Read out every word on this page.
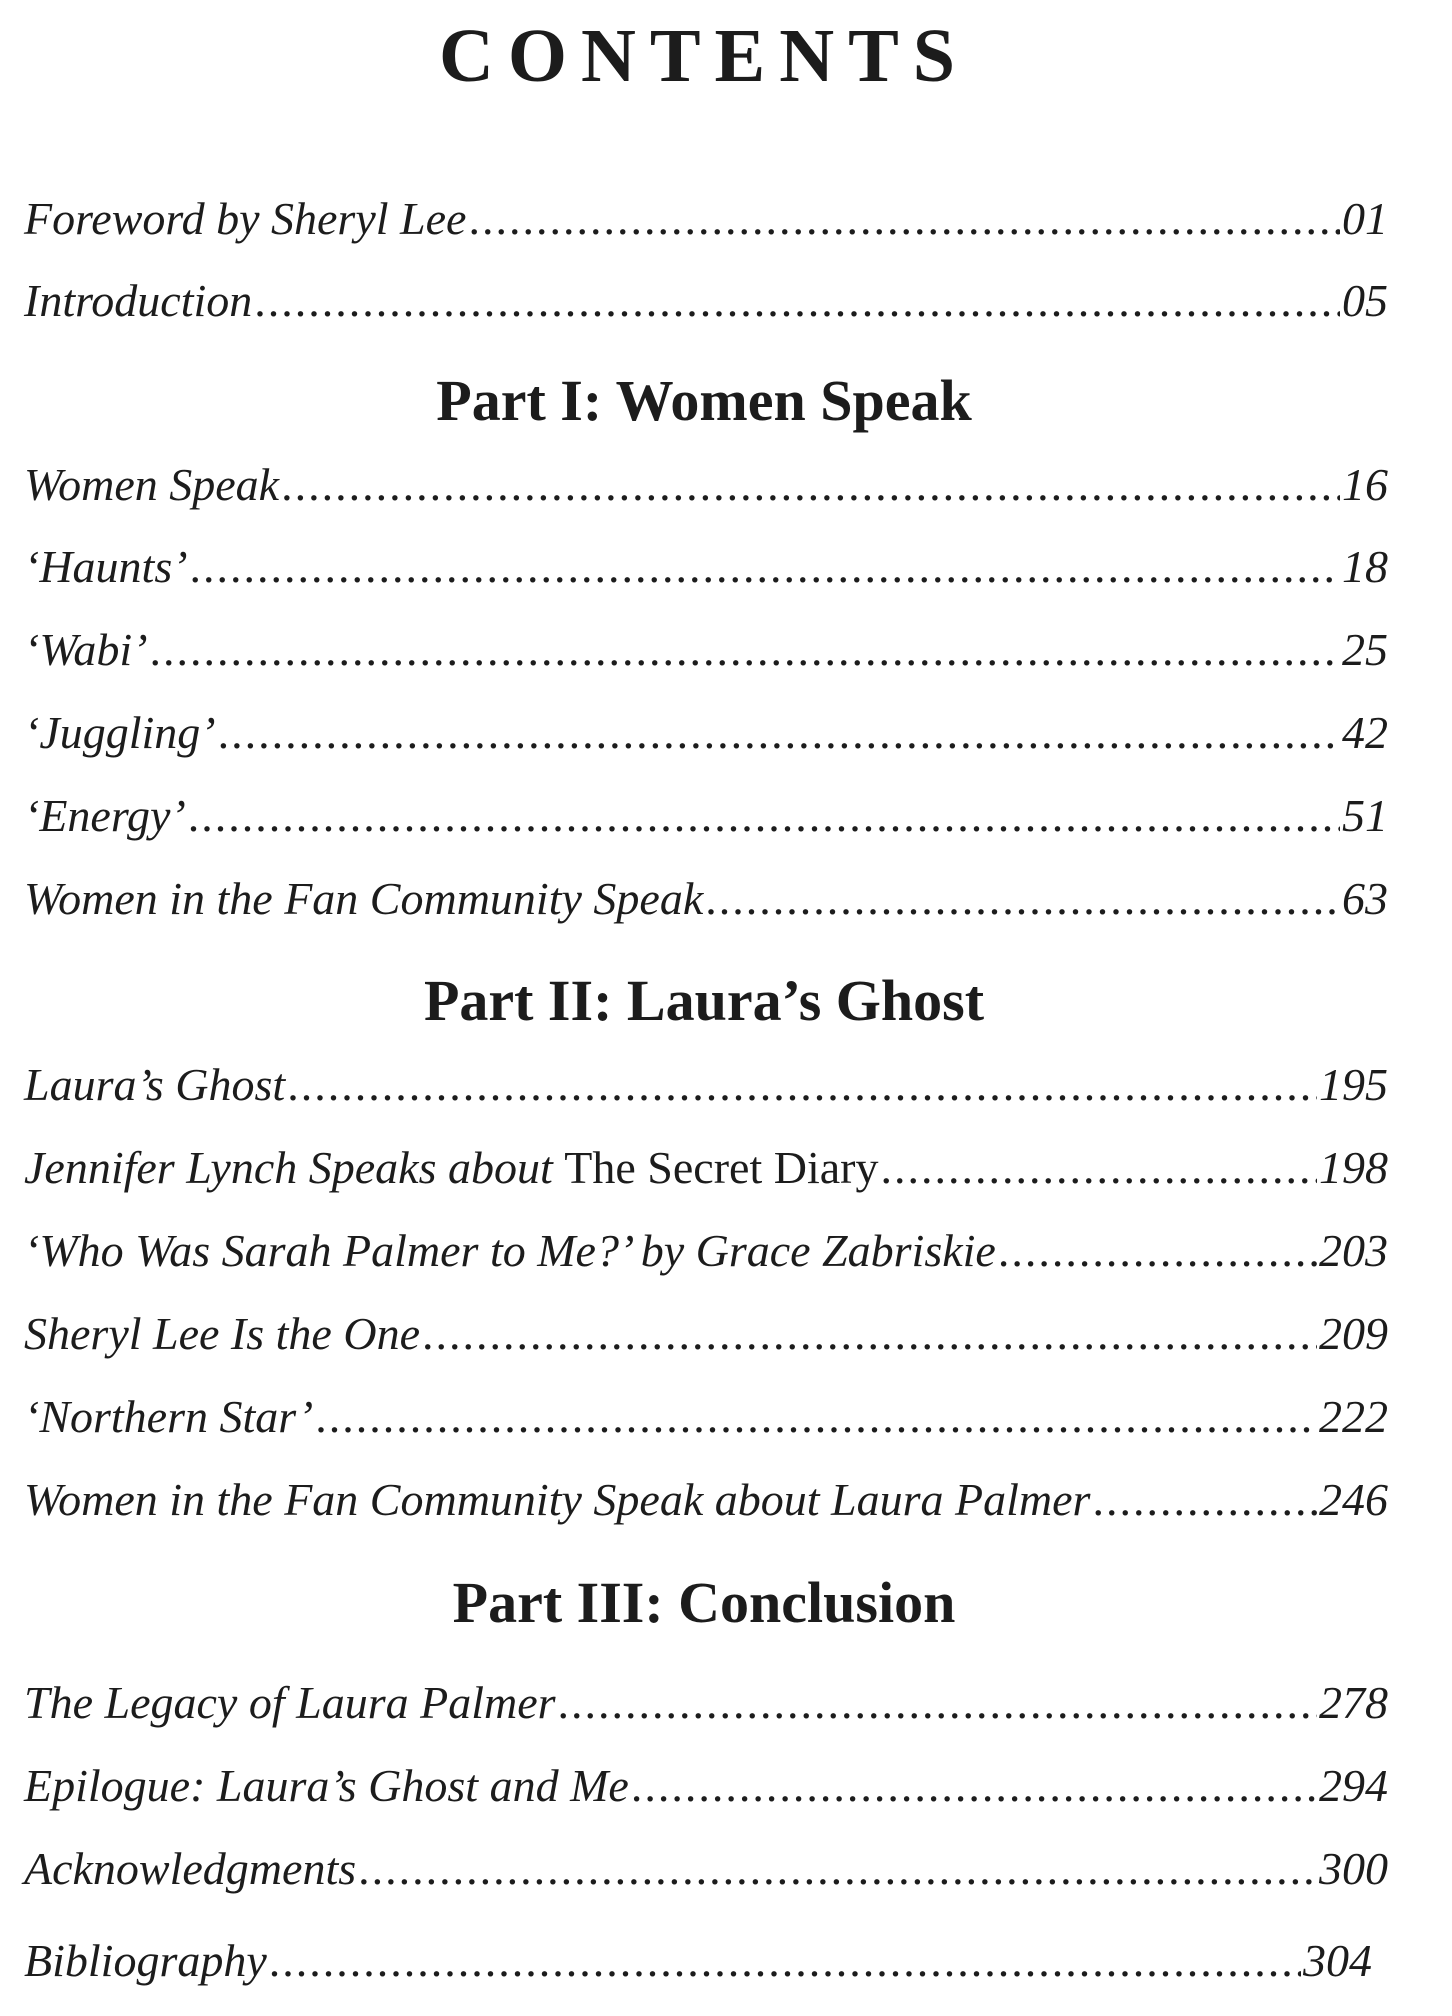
CONTENTS
Foreword by Sheryl Lee .....	01
Introduction .....	05
Part I: Women Speak
Women Speak .....	16
‘Haunts’ .....	18
‘Wabi’ .....	25
‘Juggling’ .....	42
‘Energy’ .....	51
Women in the Fan Community Speak .....	63
Part II: Laura’s Ghost
Laura’s Ghost .....	195
Jennifer Lynch Speaks about The Secret Diary .....	198
‘Who Was Sarah Palmer to Me?’ by Grace Zabriskie .....	203
Sheryl Lee Is the One .....	209
‘Northern Star’ .....	222
Women in the Fan Community Speak about Laura Palmer .....	246
Part III: Conclusion
The Legacy of Laura Palmer .....	278
Epilogue: Laura’s Ghost and Me .....	294
Acknowledgments .....	300
Bibliography .....	304
